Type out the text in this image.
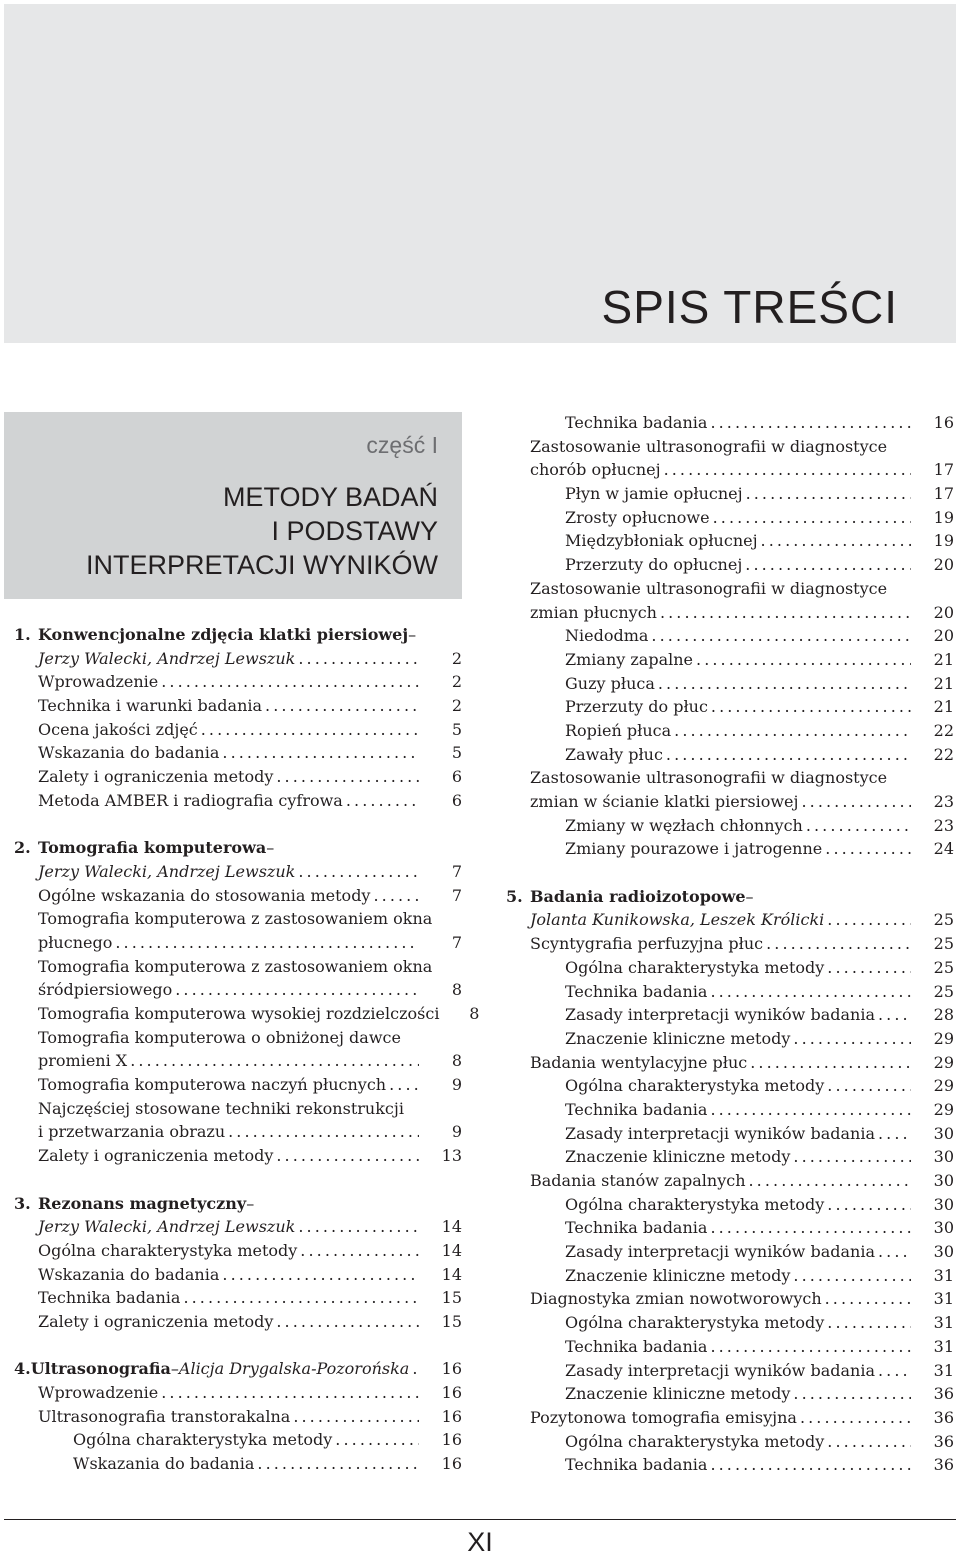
SPIS TREŚCI
część I
METODY BADAŃ
I PODSTAWY
INTERPRETACJI WYNIKÓW
1. Konwencjonalne zdjęcia klatki piersiowej –
Jerzy Walecki, Andrzej Lewszuk . . .	2
Wprowadzenie . . .	2
Technika i warunki badania . . .	2
Ocena jakości zdjęć . . .	5
Wskazania do badania . . .	5
Zalety i ograniczenia metody . . .	6
Metoda AMBER i radiografia cyfrowa . . .	6
2. Tomografia komputerowa –
Jerzy Walecki, Andrzej Lewszuk . . .	7
Ogólne wskazania do stosowania metody . . .	7
Tomografia komputerowa z zastosowaniem okna
płucnego . . .	7
Tomografia komputerowa z zastosowaniem okna
śródpiersiowego . . .	8
Tomografia komputerowa wysokiej rozdzielczości	8
Tomografia komputerowa o obniżonej dawce
promieni X . . .	8
Tomografia komputerowa naczyń płucnych . . .	9
Najczęściej stosowane techniki rekonstrukcji
i przetwarzania obrazu . . .	9
Zalety i ograniczenia metody . . .	13
3. Rezonans magnetyczny –
Jerzy Walecki, Andrzej Lewszuk . . .	14
Ogólna charakterystyka metody . . .	14
Wskazania do badania . . .	14
Technika badania . . .	15
Zalety i ograniczenia metody . . .	15
4. Ultrasonografia – Alicja Drygalska-Pozorońska . . .	16
Wprowadzenie . . .	16
Ultrasonografia transtorakalna . . .	16
Ogólna charakterystyka metody . . .	16
Wskazania do badania . . .	16
Technika badania . . .	16
Zastosowanie ultrasonografii w diagnostyce
chorób opłucnej . . .	17
Płyn w jamie opłucnej . . .	17
Zrosty opłucnowe . . .	19
Międzybłoniak opłucnej . . .	19
Przerzuty do opłucnej . . .	20
Zastosowanie ultrasonografii w diagnostyce
zmian płucnych . . .	20
Niedodma . . .	20
Zmiany zapalne . . .	21
Guzy płuca . . .	21
Przerzuty do płuc . . .	21
Ropień płuca . . .	22
Zawały płuc . . .	22
Zastosowanie ultrasonografii w diagnostyce
zmian w ścianie klatki piersiowej . . .	23
Zmiany w węzłach chłonnych . . .	23
Zmiany pourazowe i jatrogenne . . .	24
5. Badania radioizotopowe –
Jolanta Kunikowska, Leszek Królicki . . .	25
Scyntygrafia perfuzyjna płuc . . .	25
Ogólna charakterystyka metody . . .	25
Technika badania . . .	25
Zasady interpretacji wyników badania . . .	28
Znaczenie kliniczne metody . . .	29
Badania wentylacyjne płuc . . .	29
Ogólna charakterystyka metody . . .	29
Technika badania . . .	29
Zasady interpretacji wyników badania . . .	30
Znaczenie kliniczne metody . . .	30
Badania stanów zapalnych . . .	30
Ogólna charakterystyka metody . . .	30
Technika badania . . .	30
Zasady interpretacji wyników badania . . .	30
Znaczenie kliniczne metody . . .	31
Diagnostyka zmian nowotworowych . . .	31
Ogólna charakterystyka metody . . .	31
Technika badania . . .	31
Zasady interpretacji wyników badania . . .	31
Znaczenie kliniczne metody . . .	36
Pozytonowa tomografia emisyjna . . .	36
Ogólna charakterystyka metody . . .	36
Technika badania . . .	36
XI
